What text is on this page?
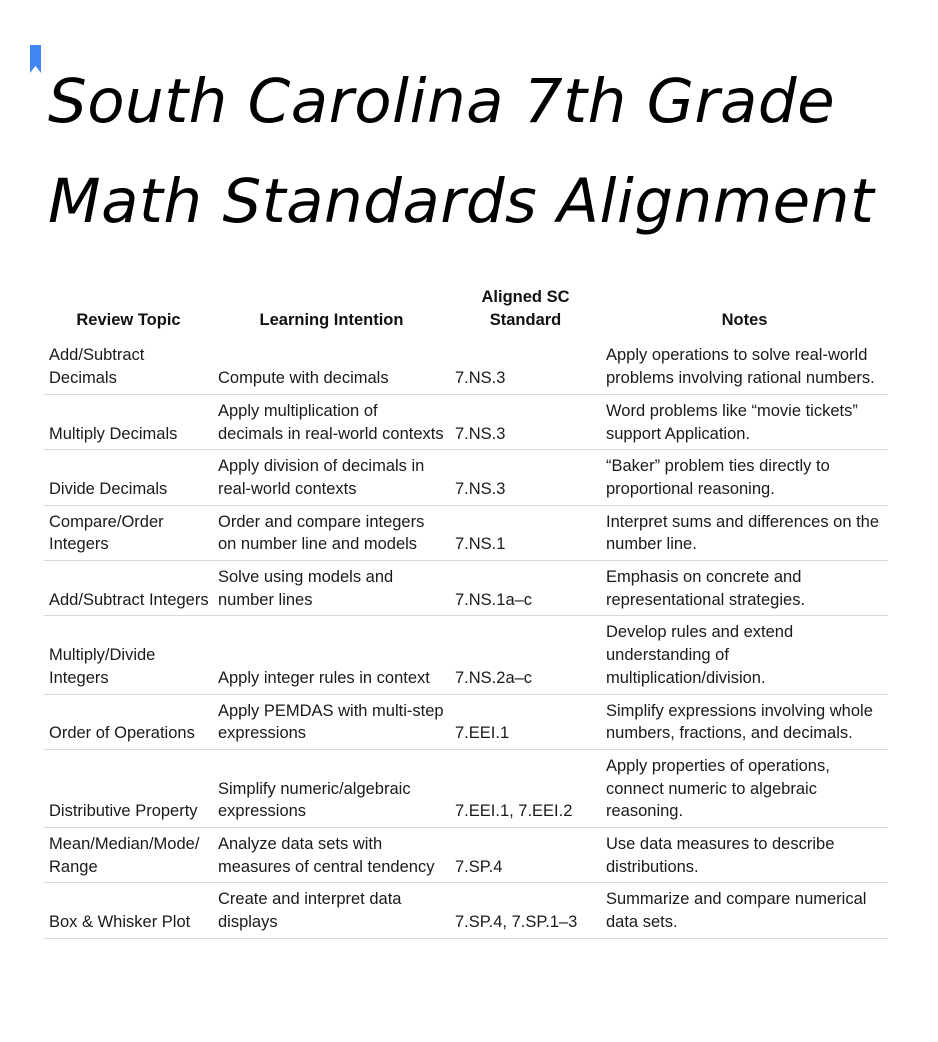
South Carolina 7th Grade
Math Standards Alignment
Review Topic	Learning Intention	Aligned SC Standard	Notes
Add/Subtract Decimals	Compute with decimals	7.NS.3	Apply operations to solve real-world problems involving rational numbers.
Multiply Decimals	Apply multiplication of decimals in real-world contexts	7.NS.3	Word problems like “movie tickets” support Application.
Divide Decimals	Apply division of decimals in real-world contexts	7.NS.3	“Baker” problem ties directly to proportional reasoning.
Compare/Order Integers	Order and compare integers on number line and models	7.NS.1	Interpret sums and differences on the number line.
Add/Subtract Integers	Solve using models and number lines	7.NS.1a–c	Emphasis on concrete and representational strategies.
Multiply/Divide Integers	Apply integer rules in context	7.NS.2a–c	Develop rules and extend understanding of multiplication/division.
Order of Operations	Apply PEMDAS with multi-step expressions	7.EEI.1	Simplify expressions involving whole numbers, fractions, and decimals.
Distributive Property	Simplify numeric/algebraic expressions	7.EEI.1, 7.EEI.2	Apply properties of operations, connect numeric to algebraic reasoning.
Mean/Median/Mode/ Range	Analyze data sets with measures of central tendency	7.SP.4	Use data measures to describe distributions.
Box & Whisker Plot	Create and interpret data displays	7.SP.4, 7.SP.1–3	Summarize and compare numerical data sets.
